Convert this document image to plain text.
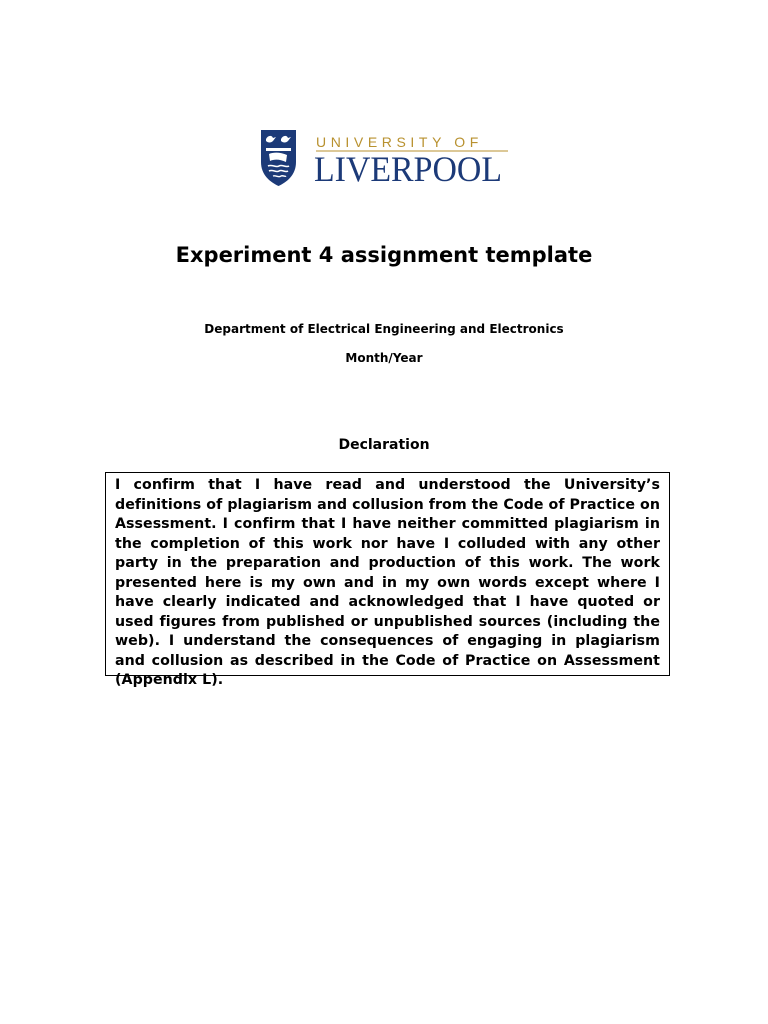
UNIVERSITY OF
LIVERPOOL
Experiment 4 assignment template
Department of Electrical Engineering and Electronics
Month/Year
Declaration

I confirm that I have read and understood the University’s definitions of plagiarism and collusion from the Code of Practice on Assessment. I confirm that I have neither committed plagiarism in the completion of this work nor have I colluded with any other party in the preparation and production of this work. The work presented here is my own and in my own words except where I have clearly indicated and acknowledged that I have quoted or used figures from published or unpublished sources (including the web). I understand the consequences of engaging in plagiarism and collusion as described in the Code of Practice on Assessment (Appendix L).
